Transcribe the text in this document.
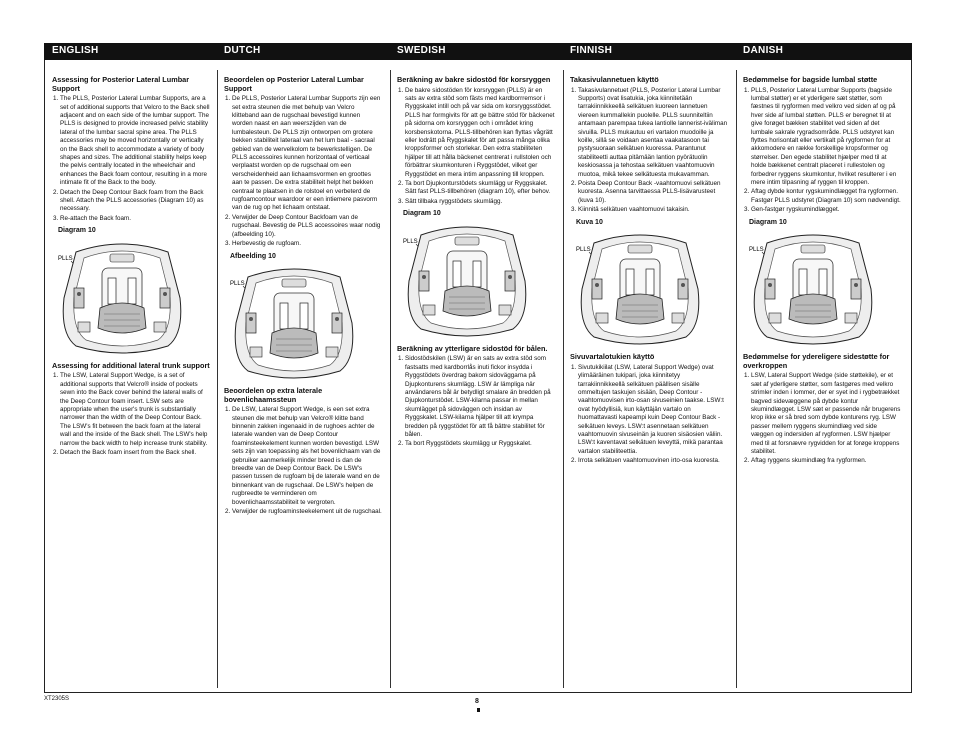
ENGLISH	DUTCH	SWEDISH	FINNISH	DANISH

Assessing for Posterior Lateral Lumbar Support

1. The PLLS, Posterior Lateral Lumbar Supports, are a set of additional supports that Velcro to the Back shell adjacent and on each side of the lumbar support. The PLLS is designed to provide increased pelvic stability lateral of the lumbar sacral spine area. The PLLS accessories may be moved horizontally or vertically on the Back shell to accommodate a variety of body shapes and sizes. The additional stability helps keep the pelvis centrally located in the wheelchair and enhances the Back foam contour, resulting in a more intimate fit of the Back to the body.
2. Detach the Deep Contour Back foam from the Back shell. Attach the PLLS accessories (Diagram 10) as necessary.
3. Re-attach the Back foam.
Diagram 10
PLLS

Assessing for additional lateral trunk support

1. The LSW, Lateral Support Wedge, is a set of additional supports that Velcro® inside of pockets sewn into the Back cover behind the lateral walls of the Deep Contour foam insert. LSW sets are appropriate when the user's trunk is substantially narrower than the width of the Deep Contour Back. The LSW's fit between the back foam at the lateral wall and the inside of the Back shell. The LSW's help narrow the back width to help increase trunk stability.
2. Detach the Back foam insert from the Back shell.

Beoordelen op Posterior Lateral Lumbar Support

1. De PLLS, Posterior Lateral Lumbar Supports zijn een set extra steunen die met behulp van Velcro klitteband aan de rugschaal bevestigd kunnen worden naast en aan weerszijden van de lumbalesteun. De PLLS zijn ontworpen om grotere bekken stabiliteit lateraal van het lum baal - sacraal gebied van de wervelkolom te bewerkstelligen. De PLLS accessoires kunnen horizontaal of verticaal verplaatst worden op de rugschaal om een verscheidenheid aan lichaamsvormen en groottes aan te passen. De extra stabiliteit helpt het bekken centraal te plaatsen in de rolstoel en verbeterd de rugfoamcontour waardoor er een intiemere pasvorm van de rug op het lichaam ontstaat.
2. Verwijder de Deep Contour Backfoam van de rugschaal. Bevestig de PLLS accessoires waar nodig (afbeelding 10).
3. Herbevestig de rugfoam.
Afbeelding 10
PLLS

Beoordelen op extra laterale bovenlichaamssteun

1. De LSW, Lateral Support Wedge, is een set extra steunen die met behulp van Velcro® klitte band binnenin zakken ingenaaid in de rughoes achter de laterale wanden van de Deep Contour foaminsteekelement kunnen worden bevestigd. LSW sets zijn van toepassing als het bovenlichaam van de gebruiker aanmerkelijk minder breed is dan de breedte van de Deep Contour Back. De LSW's passen tussen de rugfoam bij de laterale wand en de binnenkant van de rugschaal. De LSW's helpen de rugbreedte te verminderen om bovenlichaamsstabiliteit te vergroten.
2. Verwijder de rugfoaminsteekelement uit de rugschaal.

Beräkning av bakre sidostöd för korsryggen

1. De bakre sidostöden för korsryggen (PLLS) är en sats av extra stöd som fästs med kardborrremsor i Ryggskalet intill och på var sida om korsryggsstödet. PLLS har formgivits för att ge bättre stöd för bäckenet på sidorna om korsryggen och i området kring korsbenskotorna. PLLS-tillbehören kan flyttas vågrätt eller lodrätt på Ryggskalet för att passa många olika kroppsformer och storlekar. Den extra stabiliteten hjälper till att hålla bäckenet centrerat i rullstolen och förbättrar skumkonturen i Ryggstödet, vilket ger Ryggstödet en mera intim anpassning till kroppen.
2. Ta bort Djupkonturstödets skumlägg ur Ryggskalet. Sätt fast PLLS-tillbehören (diagram 10), efter behov.
3. Sätt tillbaka ryggstödets skumlägg.
Diagram 10
PLLS

Beräkning av ytterligare sidostöd för bålen.

1. Sidostödskilen (LSW) är en sats av extra stöd som fastsatts med kardborrlås inuti fickor insydda i Ryggstödets överdrag bakom sidoväggarna på Djupkonturens skumlägg. LSW är lämpliga när användarens bål är betydligt smalare än bredden på Djupkonturstödet. LSW-kilarna passar in mellan skumlägget på sidoväggen och insidan av Ryggskalet. LSW-kilarna hjälper till att krympa bredden på ryggstödet för att få bättre stabilitet för bålen.
2. Ta bort Ryggstödets skumlägg ur Ryggskalet.

Takasivulannetuen käyttö

1. Takasivulannetuet (PLLS, Posterior Lateral Lumbar Supports) ovat lisatukia, joka kiinnitetään tarrakiinnikkeellä selkätuen kuoreen lannetuen viereen kummallekin puolelle. PLLS suunniteltiin antamaan parempaa tukea lantiolle lannerist-iväliman sivuilla. PLLS mukautuu eri vartalon muodoille ja koille, sillä se voidaan asentaa vaakatasoon tai pystysuoraan selkätuen kuoressa. Parantunut stabiliteetti auttaa pitämään lantion pyörätuolin keskiosassa ja tehostaa selkätuen vaahtomuovin muotoa, mikä tekee selkätuesta mukavamman.
2. Poista Deep Contour Back -vaahtomuovi selkätuen kuoresta. Asenna tarvittaessa PLLS-lisävarusteet (kuva 10).
3. Kiinnitä selkätuen vaahtomuovi takaisin.
Kuva 10
PLLS

Sivuvartalotukien käyttö

1. Sivutukikiilat (LSW, Lateral Support Wedge) ovat ylimääräinen tukipari, joka kiinnitetyy tarrakiinnikkeellä selkätuen päällisen sisälle ommeltujen taskujen sisään, Deep Contour -vaahtomuovisen irto-osan sivuseinien taakse. LSW:t ovat hyödyllisiä, kun käyttäjän vartalo on huomattavasti kapeampi kuin Deep Contour Back -selkätuen leveys. LSW:t asennetaan selkätuen vaahtomuovin sivuseinän ja kuoren sisäosien väliin. LSW:t kaventavat selkätuen leveyttä, mikä parantaa vartalon stabiliteettia.
2. Irrota selkätuen vaahtomuovinen irto-osa kuoresta.

Bedømmelse for bagside lumbal støtte

1. PLLS, Posterior Lateral Lumbar Supports (bagside lumbal støtter) er et yderligere sæt støtter, som fæstnes til rygformen med velkro ved siden af og på hver side af lumbal støtten. PLLS er beregnet til at give forøget bækken stabilitet ved siden af det lumbale sakrale rygradsområde. PLLS udstyret kan flyttes horisontalt eller vertikalt på rygformen for at akkomodere en række forskellige kropsformer og størrelser. Den egede stabilitet hjælper med til at holde bækkenet centralt placeret i rullestolen og forbedrer ryggens skumkontur, hvilket resulterer i en mere intim tilpasning af ryggen til kroppen.
2. Aftag dybde kontur rygskumindlægget fra rygformen. Fastgør PLLS udstyret (Diagram 10) som nødvendigt.
3. Gen-fastgør rygskumindlægget.
Diagram 10
PLLS

Bedømmelse for ydereligere sidestøtte for overkroppen

1. LSW, Lateral Support Wedge (side støttekile), er et sæt af yderligere støtter, som fastgøres med velkro strimler inden i lommer, der er syet ind i rygbetrækket bagved sidevæggene på dybde kontur skumindlægget. LSW sæt er passende når brugerens krop ikke er så bred som dybde konturens ryg. LSW passer mellem ryggens skumindlæg ved side væggen og indersiden af rygformen. LSW hjælper med til at forsnævre rygvidden for at forøge kroppens stabilitet.
2. Aftag ryggens skumindlæg fra rygformen.
XT2305S	8
